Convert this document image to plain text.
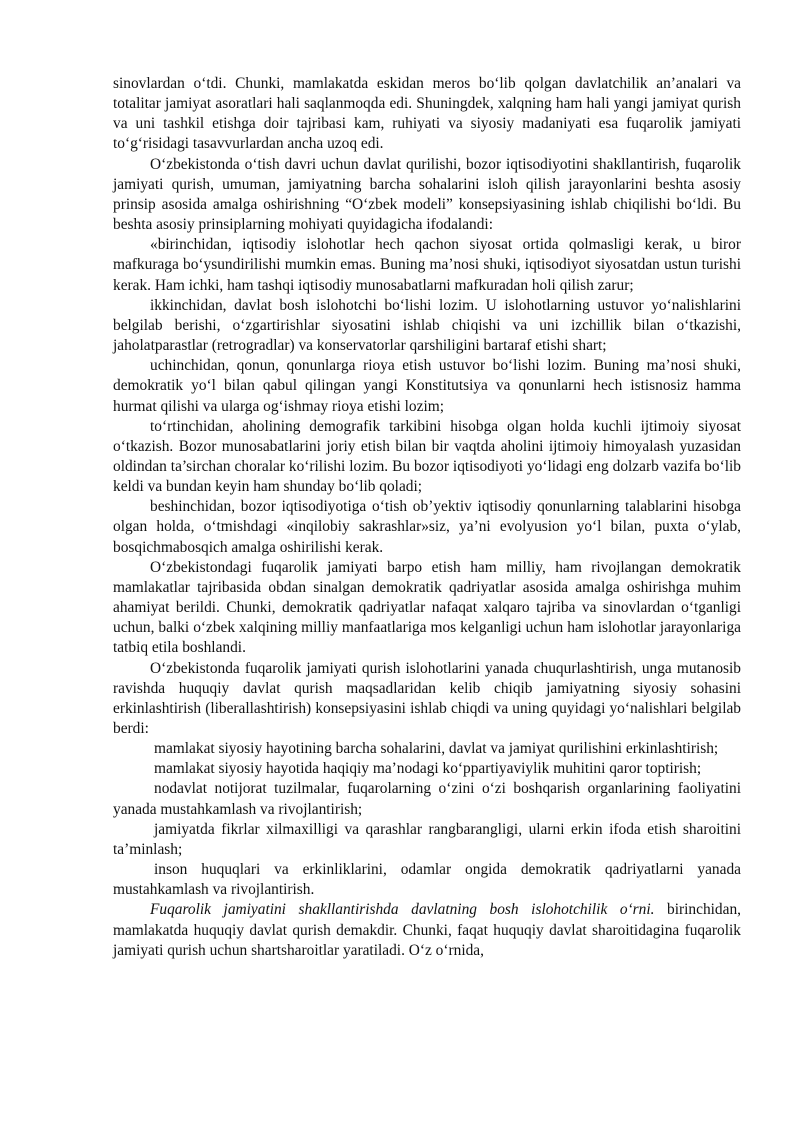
sinovlardan o‘tdi. Chunki, mamlakatda eskidan meros bo‘lib qolgan davlatchilik an’analari va totalitar jamiyat asoratlari hali saqlanmoqda edi. Shuningdek, xalqning ham hali yangi jamiyat qurish va uni tashkil etishga doir tajribasi kam, ruhiyati va siyosiy madaniyati esa fuqarolik jamiyati to‘g‘risidagi tasavvurlardan ancha uzoq edi.

O‘zbekistonda o‘tish davri uchun davlat qurilishi, bozor iqtisodiyotini shakllantirish, fuqarolik jamiyati qurish, umuman, jamiyatning barcha sohalarini isloh qilish jarayonlarini beshta asosiy prinsip asosida amalga oshirishning “O‘zbek modeli” konsepsiyasining ishlab chiqilishi bo‘ldi. Bu beshta asosiy prinsiplarning mohiyati quyidagicha ifodalandi:

«birinchidan, iqtisodiy islohotlar hech qachon siyosat ortida qolmasligi kerak, u biror mafkuraga bo‘ysundirilishi mumkin emas. Buning ma’nosi shuki, iqtisodiyot siyosatdan ustun turishi kerak. Ham ichki, ham tashqi iqtisodiy munosabatlarni mafkuradan holi qilish zarur;

ikkinchidan, davlat bosh islohotchi bo‘lishi lozim. U islohotlarning ustuvor yo‘nalishlarini belgilab berishi, o‘zgartirishlar siyosatini ishlab chiqishi va uni izchillik bilan o‘tkazishi, jaholatparastlar (retrogradlar) va konservatorlar qarshiligini bartaraf etishi shart;

uchinchidan, qonun, qonunlarga rioya etish ustuvor bo‘lishi lozim. Buning ma’nosi shuki, demokratik yo‘l bilan qabul qilingan yangi Konstitutsiya va qonunlarni hech istisnosiz hamma hurmat qilishi va ularga og‘ishmay rioya etishi lozim;

to‘rtinchidan, aholining demografik tarkibini hisobga olgan holda kuchli ijtimoiy siyosat o‘tkazish. Bozor munosabatlarini joriy etish bilan bir vaqtda aholini ijtimoiy himoyalash yuzasidan oldindan ta’sirchan choralar ko‘rilishi lozim. Bu bozor iqtisodiyoti yo‘lidagi eng dolzarb vazifa bo‘lib keldi va bundan keyin ham shunday bo‘lib qoladi;

beshinchidan, bozor iqtisodiyotiga o‘tish ob’yektiv iqtisodiy qonunlarning talablarini hisobga olgan holda, o‘tmishdagi «inqilobiy sakrashlar»siz, ya’ni evolyusion yo‘l bilan, puxta o‘ylab, bosqichmabosqich amalga oshirilishi kerak.

O‘zbekistondagi fuqarolik jamiyati barpo etish ham milliy, ham rivojlangan demokratik mamlakatlar tajribasida obdan sinalgan demokratik qadriyatlar asosida amalga oshirishga muhim ahamiyat berildi. Chunki, demokratik qadriyatlar nafaqat xalqaro tajriba va sinovlardan o‘tganligi uchun, balki o‘zbek xalqining milliy manfaatlariga mos kelganligi uchun ham islohotlar jarayonlariga tatbiq etila boshlandi.

O‘zbekistonda fuqarolik jamiyati qurish islohotlarini yanada chuqurlashtirish, unga mutanosib ravishda huquqiy davlat qurish maqsadlaridan kelib chiqib jamiyatning siyosiy sohasini erkinlashtirish (liberallashtirish) konsepsiyasini ishlab chiqdi va uning quyidagi yo‘nalishlari belgilab berdi:

mamlakat siyosiy hayotining barcha sohalarini, davlat va jamiyat qurilishini erkinlashtirish;

mamlakat siyosiy hayotida haqiqiy ma’nodagi ko‘ppartiyaviylik muhitini qaror toptirish;

nodavlat notijorat tuzilmalar, fuqarolarning o‘zini o‘zi boshqarish organlarining faoliyatini yanada mustahkamlash va rivojlantirish;

jamiyatda fikrlar xilmaxilligi va qarashlar rangbarangligi, ularni erkin ifoda etish sharoitini ta’minlash;

inson huquqlari va erkinliklarini, odamlar ongida demokratik qadriyatlarni yanada mustahkamlash va rivojlantirish.

Fuqarolik jamiyatini shakllantirishda davlatning bosh islohotchilik o‘rni. birinchidan, mamlakatda huquqiy davlat qurish demakdir. Chunki, faqat huquqiy davlat sharoitidagina fuqarolik jamiyati qurish uchun shartsharoitlar yaratiladi. O‘z o‘rnida,
